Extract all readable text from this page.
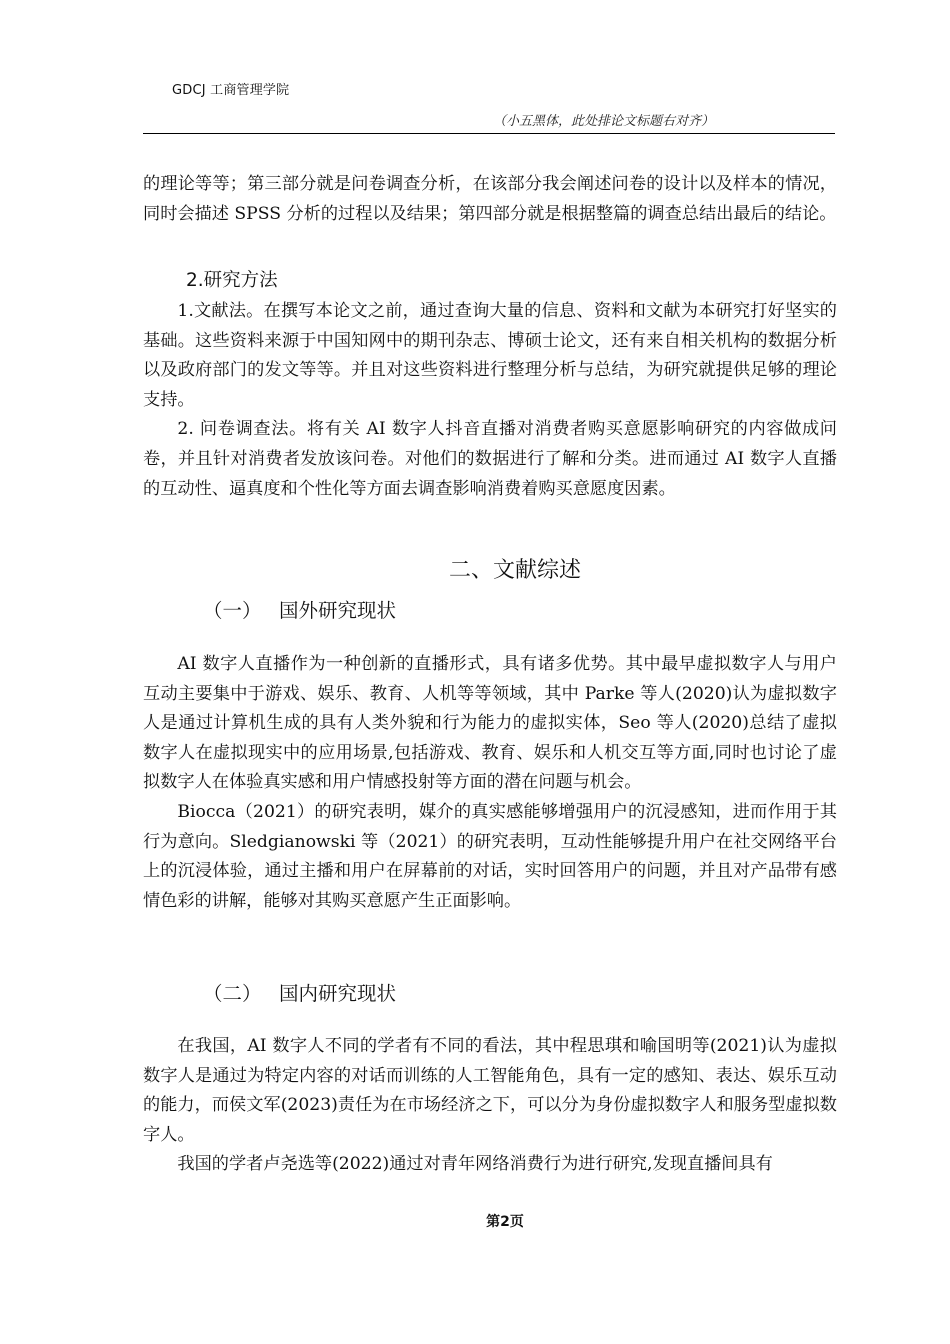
GDCJ 工商管理学院
（小五黑体，此处排论文标题右对齐）

的理论等等；第三部分就是问卷调查分析，在该部分我会阐述问卷的设计以及样本的情况，同时会描述 SPSS 分析的过程以及结果；第四部分就是根据整篇的调查总结出最后的结论。

2.研究方法

1.文献法。在撰写本论文之前，通过查询大量的信息、资料和文献为本研究打好坚实的基础。这些资料来源于中国知网中的期刊杂志、博硕士论文，还有来自相关机构的数据分析以及政府部门的发文等等。并且对这些资料进行整理分析与总结，为研究就提供足够的理论支持。

2. 问卷调查法。将有关 AI 数字人抖音直播对消费者购买意愿影响研究的内容做成问卷，并且针对消费者发放该问卷。对他们的数据进行了解和分类。进而通过 AI 数字人直播的互动性、逼真度和个性化等方面去调查影响消费着购买意愿度因素。

二、文献综述
（一） 国外研究现状

AI 数字人直播作为一种创新的直播形式，具有诸多优势。其中最早虚拟数字人与用户互动主要集中于游戏、娱乐、教育、人机等等领域，其中 Parke 等人(2020)认为虚拟数字人是通过计算机生成的具有人类外貌和行为能力的虚拟实体，Seo 等人(2020)总结了虚拟数字人在虚拟现实中的应用场景,包括游戏、教育、娱乐和人机交互等方面,同时也讨论了虚拟数字人在体验真实感和用户情感投射等方面的潜在问题与机会。

Biocca（2021）的研究表明，媒介的真实感能够增强用户的沉浸感知，进而作用于其行为意向。Sledgianowski 等（2021）的研究表明，互动性能够提升用户在社交网络平台上的沉浸体验，通过主播和用户在屏幕前的对话，实时回答用户的问题，并且对产品带有感情色彩的讲解，能够对其购买意愿产生正面影响。

（二） 国内研究现状

在我国，AI 数字人不同的学者有不同的看法，其中程思琪和喻国明等(2021)认为虚拟数字人是通过为特定内容的对话而训练的人工智能角色，具有一定的感知、表达、娱乐互动的能力，而侯文军(2023)责任为在市场经济之下，可以分为身份虚拟数字人和服务型虚拟数字人。

我国的学者卢尧选等(2022)通过对青年网络消费行为进行研究,发现直播间具有

第2页
